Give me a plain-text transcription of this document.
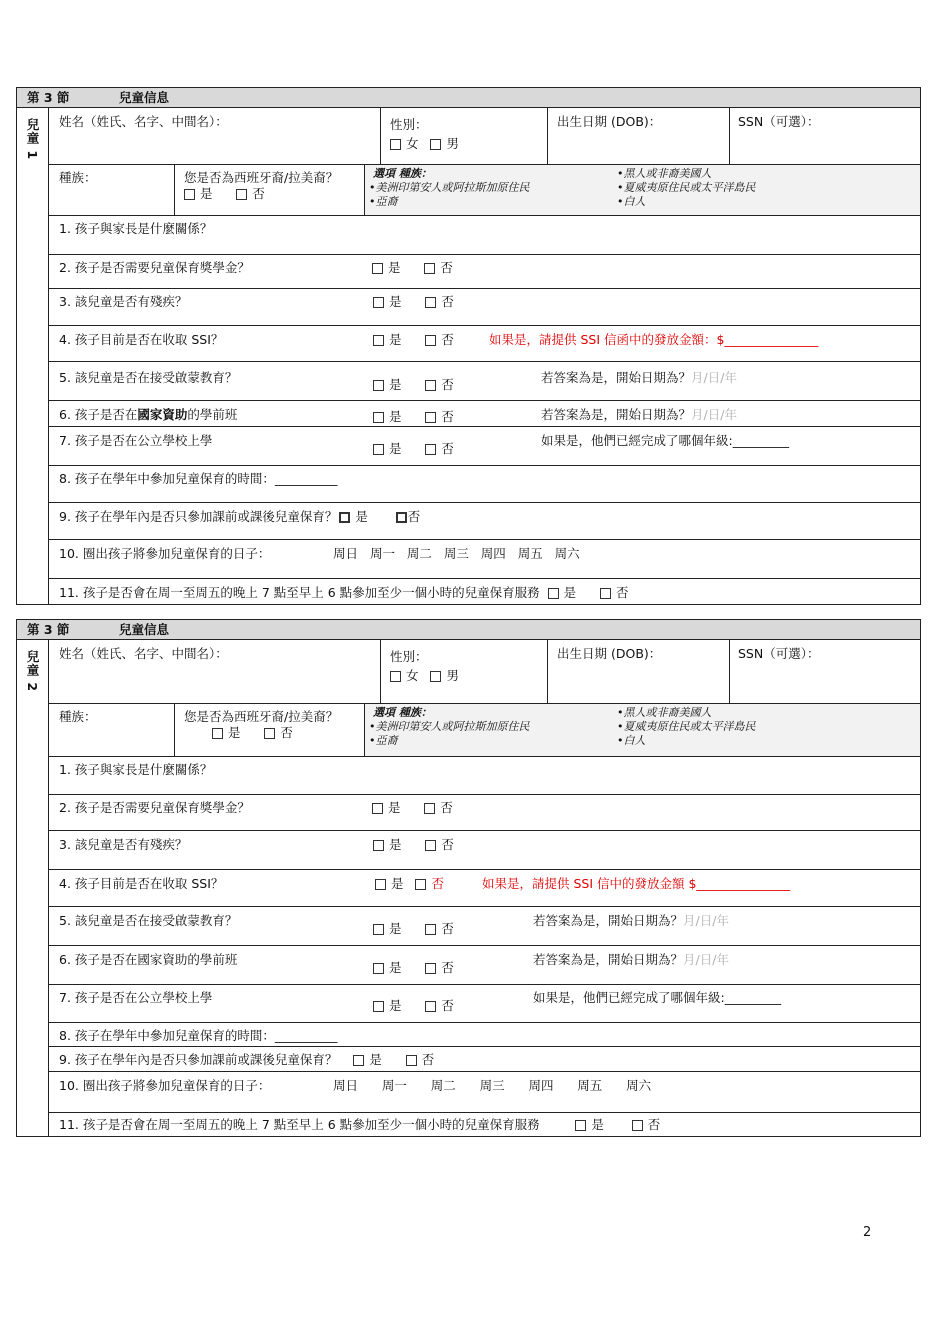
第 3 節	兒童信息
兒童 1 姓名（姓氏、名字、中間名）：	性別：
女 男
出生日期 (DOB)：	SSN（可選）：
種族：	您是否為西班牙裔/拉美裔？
是	否
選項 種族：
•美洲印第安人或阿拉斯加原住民
•亞裔
•黑人或非裔美國人
•夏威夷原住民或太平洋島民
•白人
1. 孩子與家長是什麼關係？
2. 孩子是否需要兒童保育獎學金？	是	否
3. 該兒童是否有殘疾？	是	否
4. 孩子目前是否在收取 SSI？	是	否	如果是，請提供 SSI 信函中的發放金額：$_______________
5. 該兒童是否在接受啟蒙教育？	是	否	若答案為是，開始日期為？月/日/年
6. 孩子是否在國家資助的學前班	是	否	若答案為是，開始日期為？月/日/年
7. 孩子是否在公立學校上學
是	否
如果是，他們已經完成了哪個年級:_________
8. 孩子在學年中參加兒童保育的時間：__________
9. 孩子在學年內是否只參加課前或課後兒童保育？ 是	否
10. 圈出孩子將參加兒童保育的日子：	周日 周一 周二 周三 周四 周五 周六
11. 孩子是否會在周一至周五的晚上 7 點至早上 6 點參加至少一個小時的兒童保育服務 是	否
第 3 節	兒童信息
兒童 2 姓名（姓氏、名字、中間名）：	性別：
女 男
出生日期 (DOB)：	SSN（可選）：
種族：	您是否為西班牙裔/拉美裔？
是	否
選項 種族：
•美洲印第安人或阿拉斯加原住民
•亞裔
•黑人或非裔美國人
•夏威夷原住民或太平洋島民
•白人
1. 孩子與家長是什麼關係？
2. 孩子是否需要兒童保育獎學金？	是	否
3. 該兒童是否有殘疾？	是	否
4. 孩子目前是否在收取 SSI？	是 否	如果是，請提供 SSI 信中的發放金額 $_______________
5. 該兒童是否在接受啟蒙教育？
是	否
若答案為是，開始日期為？月/日/年
6. 孩子是否在國家資助的學前班
是	否
若答案為是，開始日期為？月/日/年
7. 孩子是否在公立學校上學
是	否
如果是，他們已經完成了哪個年級:_________
8. 孩子在學年中參加兒童保育的時間：__________
9. 孩子在學年內是否只參加課前或課後兒童保育？	是	否
10. 圈出孩子將參加兒童保育的日子：	周日 周一 周二 周三 周四 周五 周六
11. 孩子是否會在周一至周五的晚上 7 點至早上 6 點參加至少一個小時的兒童保育服務	是	否
2
